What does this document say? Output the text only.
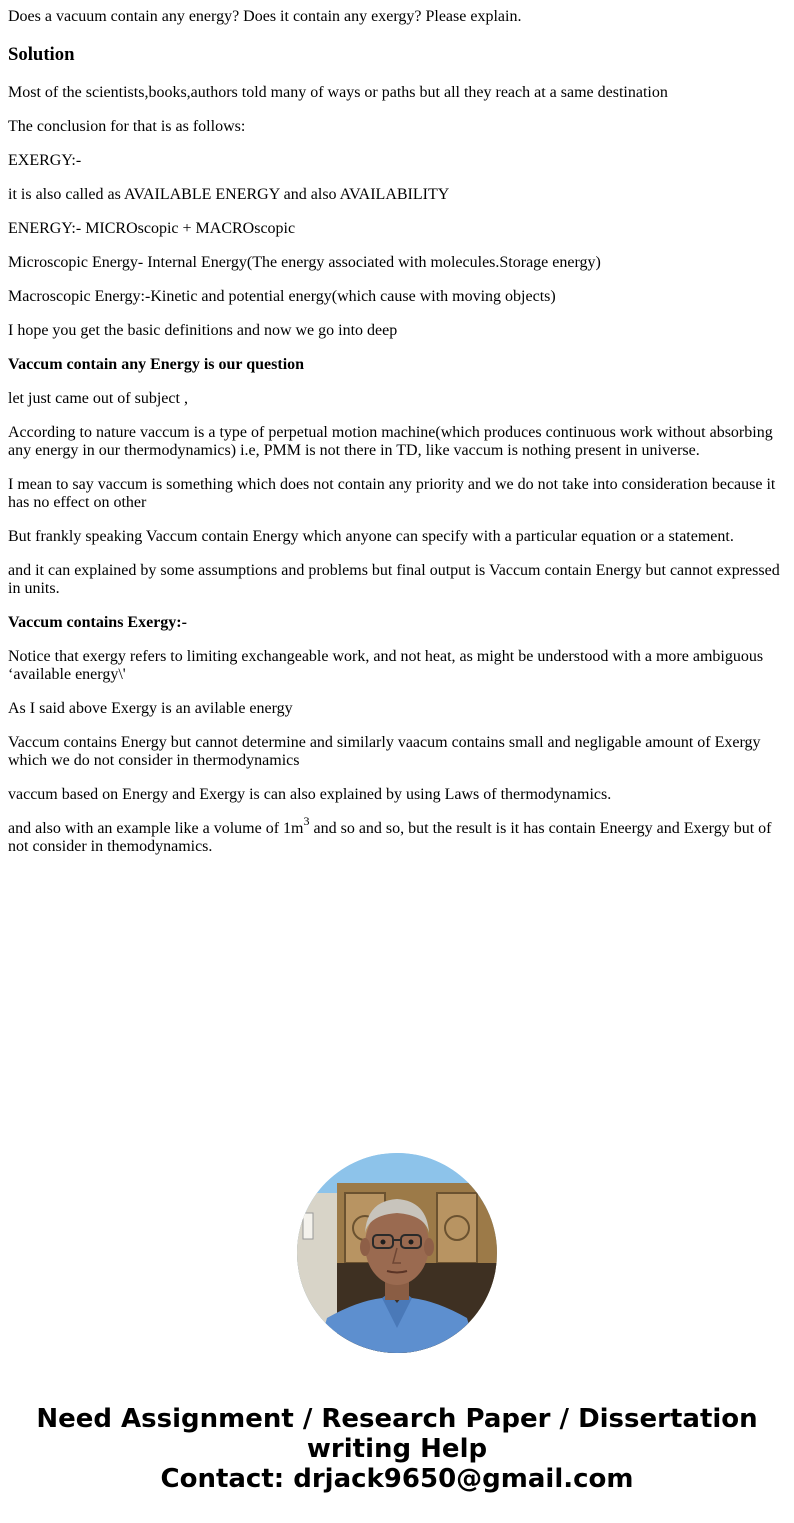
Does a vacuum contain any energy? Does it contain any exergy? Please explain.

Solution

Most of the scientists,books,authors told many of ways or paths but all they reach at a same destination

The conclusion for that is as follows:

EXERGY:-

it is also called as AVAILABLE ENERGY and also AVAILABILITY

ENERGY:- MICROscopic + MACROscopic

Microscopic Energy- Internal Energy(The energy associated with molecules.Storage energy)

Macroscopic Energy:-Kinetic and potential energy(which cause with moving objects)

I hope you get the basic definitions and now we go into deep

Vaccum contain any Energy is our question

let just came out of subject ,

According to nature vaccum is a type of perpetual motion machine(which produces continuous work without absorbing any energy in our thermodynamics) i.e, PMM is not there in TD, like vaccum is nothing present in universe.

I mean to say vaccum is something which does not contain any priority and we do not take into consideration because it has no effect on other

But frankly speaking Vaccum contain Energy which anyone can specify with a particular equation or a statement.

and it can explained by some assumptions and problems but final output is Vaccum contain Energy but cannot expressed in units.

Vaccum contains Exergy:-

Notice that exergy refers to limiting exchangeable work, and not heat, as might be understood with a more ambiguous ‘available energy\'

As I said above Exergy is an avilable energy

Vaccum contains Energy but cannot determine and similarly vaacum contains small and negligable amount of Exergy which we do not consider in thermodynamics

vaccum based on Energy and Exergy is can also explained by using Laws of thermodynamics.

and also with an example like a volume of $1m^3$ and so and so, but the result is it has contain Eneergy and Exergy but of not consider in themodynamics.

Need Assignment / Research Paper / Dissertation
writing Help
Contact: drjack9650@gmail.com
